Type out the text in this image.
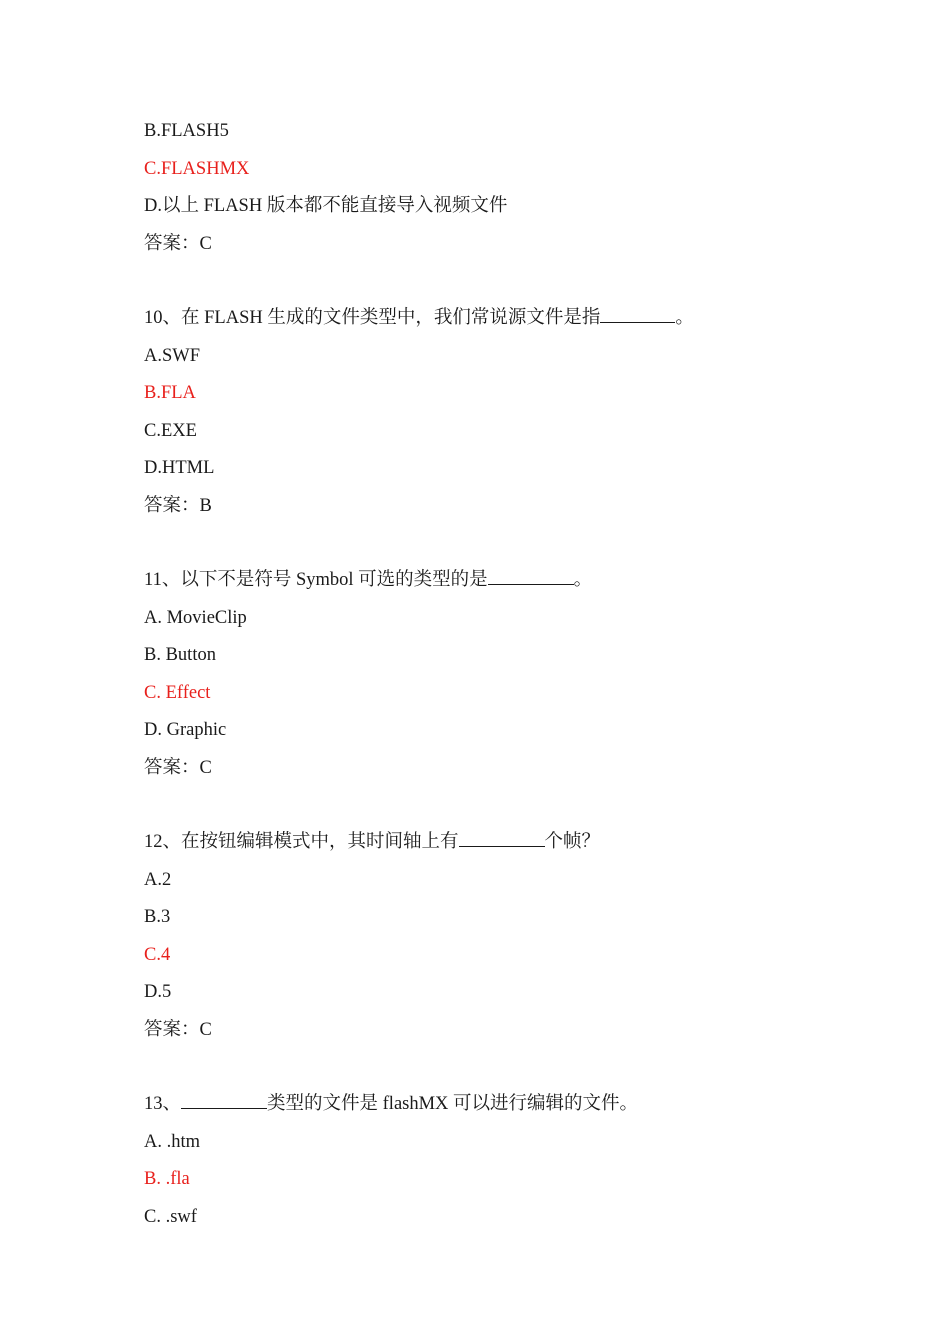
B.FLASH5
C.FLASHMX
D.以上 FLASH 版本都不能直接导入视频文件
答案：C
10、在 FLASH 生成的文件类型中，我们常说源文件是指	。
A.SWF
B.FLA
C.EXE
D.HTML
答案：B
11、以下不是符号 Symbol 可选的类型的是	。
A. MovieClip
B. Button
C. Effect
D. Graphic
答案：C
12、在按钮编辑模式中，其时间轴上有	个帧？
A.2
B.3
C.4
D.5
答案：C
13、	类型的文件是 flashMX 可以进行编辑的文件。
A. .htm
B. .fla
C. .swf
